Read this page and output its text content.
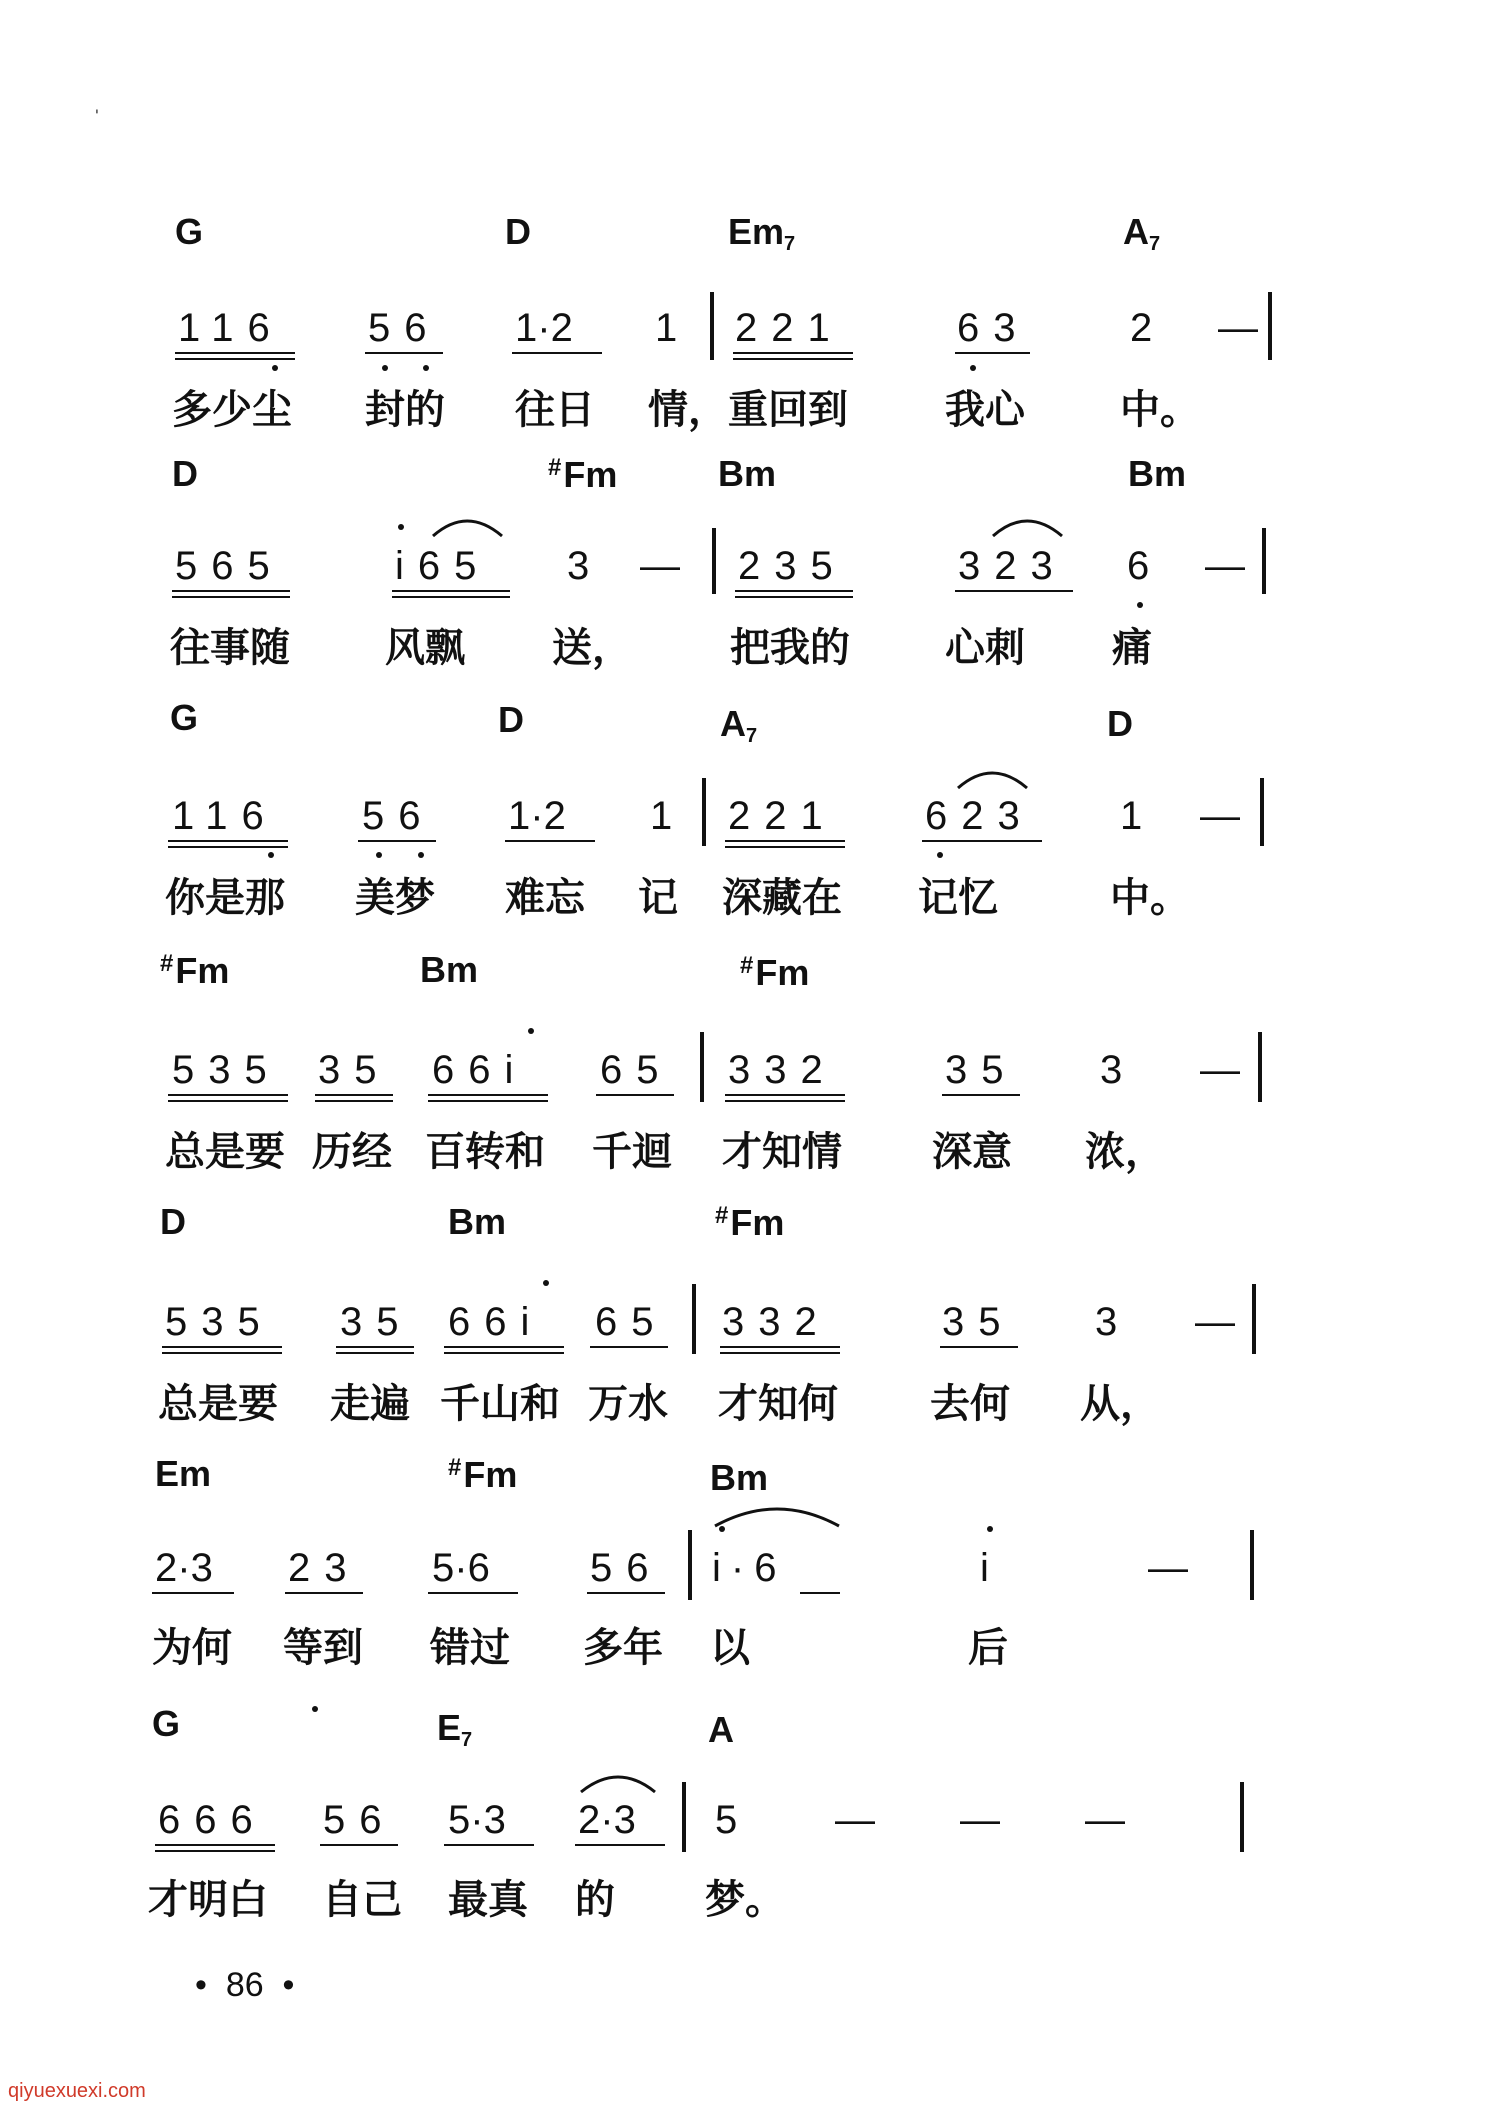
'
G	D	$Em_7$	$A_7$
116 56 1·2 1 221	63	2 —
多少尘 封的 往日 情，重回到 我心 中。
D	#Fm	Bm	Bm
565	i65 3 — 235	323 6 —
往事随 风飘 送， 把我的 心刺 痛
G	D	$A_7$	D
116 56 1·2 1 221 623 1 —
你是那 美梦 难忘 记 深藏在 记忆	中。
#Fm	Bm	#Fm
535 35 66i 65 332	35 3 —
总是要 历经 百转和 千迴 才知情 深意 浓，
D	Bm	#Fm
535 35 66i 65 332	35 3 —
总是要 走遍 千山和 万水 才知何 去何 从，
Em	#Fm	Bm
2·3 23 5·6	56 i·6	i	—
为何 等到 错过 多年 以	后
G	$E_7$	A
666 56 5·3 2·3 5 — — —
才明白 自己 最真 的 梦。
• 86 •
qiyuexuexi.com
